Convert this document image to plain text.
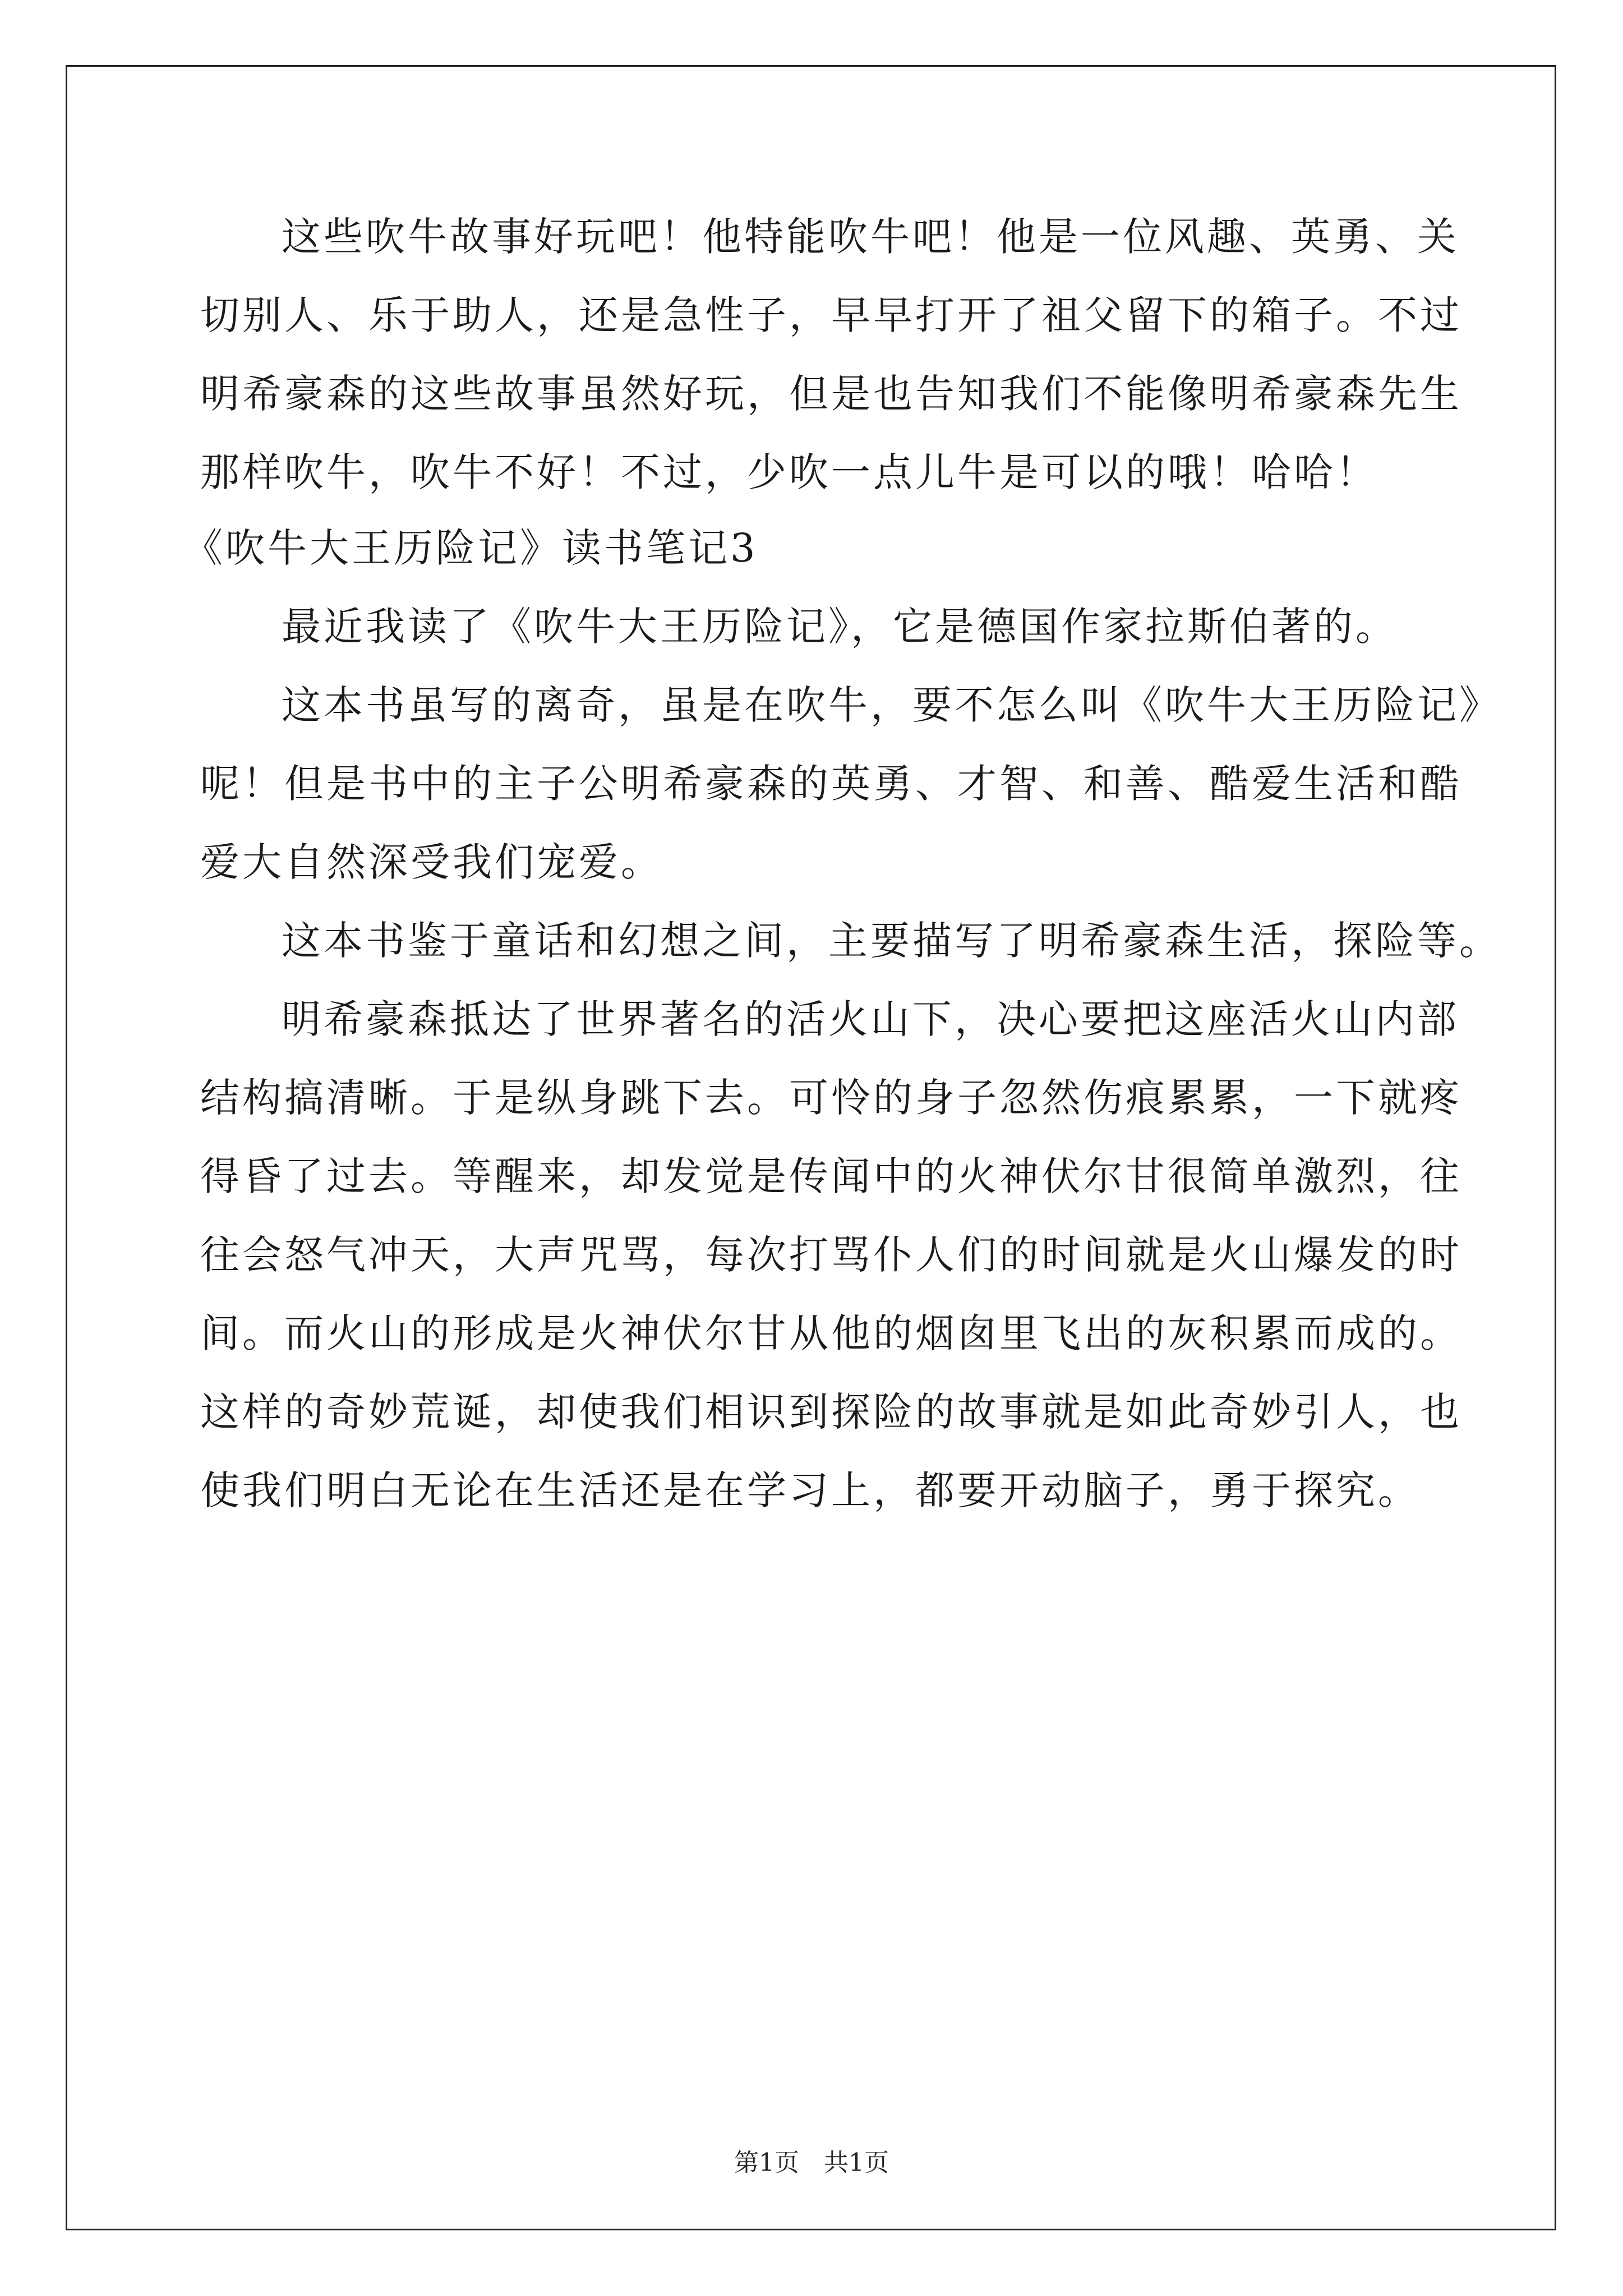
这些吹牛故事好玩吧！他特能吹牛吧！他是一位风趣、英勇、关
切别人、乐于助人，还是急性子，早早打开了祖父留下的箱子。不过
明希豪森的这些故事虽然好玩，但是也告知我们不能像明希豪森先生
那样吹牛，吹牛不好！不过，少吹一点儿牛是可以的哦！哈哈！
《吹牛大王历险记》读书笔记3
最近我读了《吹牛大王历险记》，它是德国作家拉斯伯著的。
这本书虽写的离奇，虽是在吹牛，要不怎么叫《吹牛大王历险记》
呢！但是书中的主子公明希豪森的英勇、才智、和善、酷爱生活和酷
爱大自然深受我们宠爱。
这本书鉴于童话和幻想之间，主要描写了明希豪森生活，探险等。
明希豪森抵达了世界著名的活火山下，决心要把这座活火山内部
结构搞清晰。于是纵身跳下去。可怜的身子忽然伤痕累累，一下就疼
得昏了过去。等醒来，却发觉是传闻中的火神伏尔甘很简单激烈，往
往会怒气冲天，大声咒骂，每次打骂仆人们的时间就是火山爆发的时
间。而火山的形成是火神伏尔甘从他的烟囱里飞出的灰积累而成的。
这样的奇妙荒诞，却使我们相识到探险的故事就是如此奇妙引人，也
使我们明白无论在生活还是在学习上，都要开动脑子，勇于探究。
第1页　共1页
